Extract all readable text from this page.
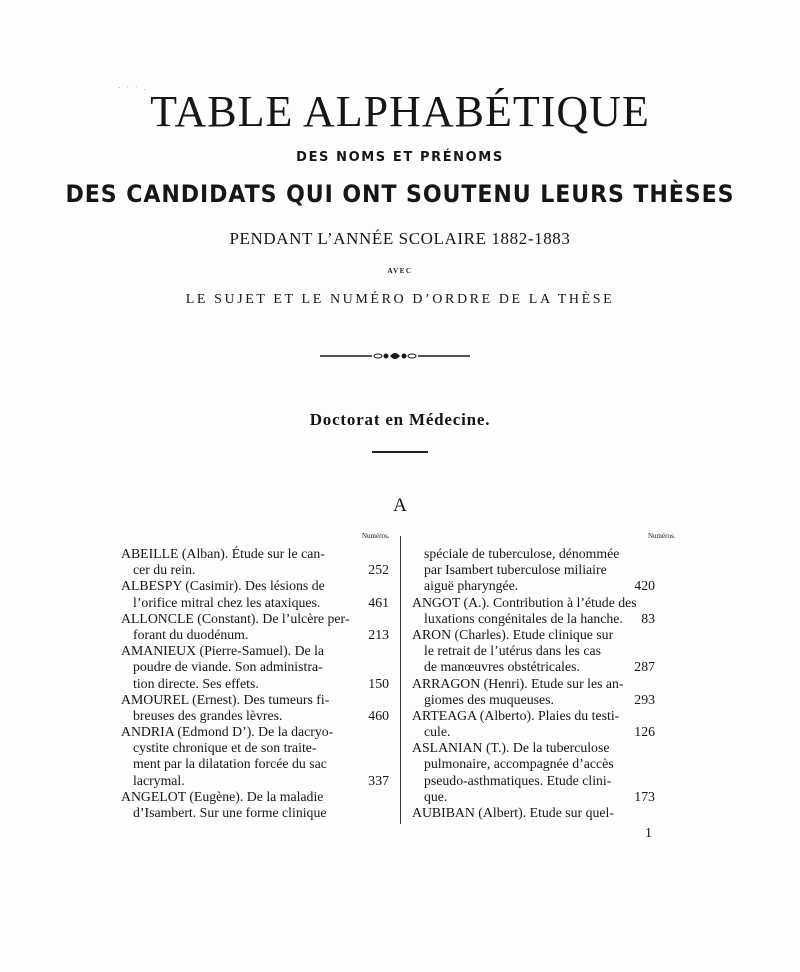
· ˑ ˑ . TABLE ALPHABÉTIQUE
DES NOMS ET PRÉNOMS
DES CANDIDATS QUI ONT SOUTENU LEURS THÈSES
PENDANT L’ANNÉE SCOLAIRE 1882-1883
AVEC
LE SUJET ET LE NUMÉRO D’ORDRE DE LA THÈSE
Doctorat en Médecine.
A
Numéros.	Numéros.
ABEILLE (Alban). Étude sur le can-
cer du rein.	252
ALBESPY (Casimir). Des lésions de
l’orifice mitral chez les ataxiques.	461
ALLONCLE (Constant). De l’ulcère per-
forant du duodénum.	213
AMANIEUX (Pierre-Samuel). De la
poudre de viande. Son administra-
tion directe. Ses effets.	150
AMOUREL (Ernest). Des tumeurs fi-
breuses des grandes lèvres.	460
ANDRIA (Edmond D’). De la dacryo-
cystite chronique et de son traite-
ment par la dilatation forcée du sac
lacrymal.	337
ANGELOT (Eugène). De la maladie
d’Isambert. Sur une forme clinique
spéciale de tuberculose, dénommée
par Isambert tuberculose miliaire
aiguë pharyngée.	420
ANGOT (A.). Contribution à l’étude des
luxations congénitales de la hanche. 83
ARON (Charles). Etude clinique sur
le retrait de l’utérus dans les cas
de manœuvres obstétricales.	287
ARRAGON (Henri). Etude sur les an-
giomes des muqueuses.	293
ARTEAGA (Alberto). Plaies du testi-
cule.	126
ASLANIAN (T.). De la tuberculose
pulmonaire, accompagnée d’accès
pseudo-asthmatiques. Etude clini-
que.	173
AUBIBAN (Albert). Etude sur quel-
1
